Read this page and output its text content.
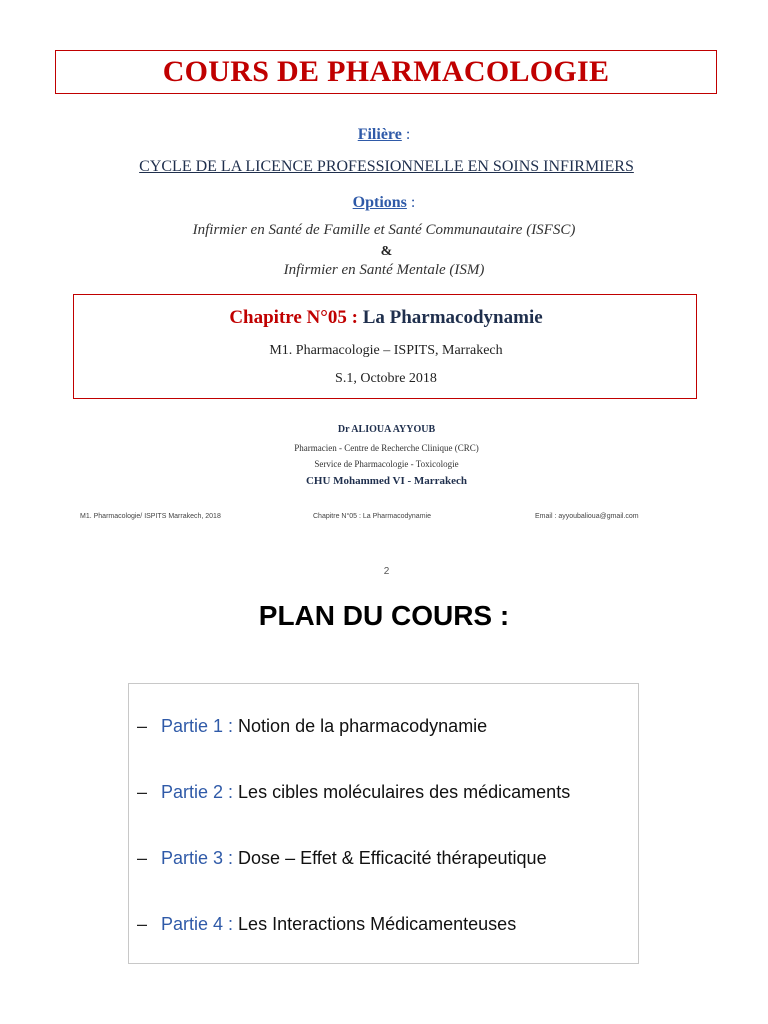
COURS DE PHARMACOLOGIE
Filière :
CYCLE DE LA LICENCE PROFESSIONNELLE EN SOINS INFIRMIERS
Options :
Infirmier en Santé de Famille et Santé Communautaire (ISFSC)
&
Infirmier en Santé Mentale (ISM)
Chapitre N°05 : La Pharmacodynamie
M1. Pharmacologie – ISPITS, Marrakech
S.1, Octobre 2018
Dr ALIOUA AYYOUB
Pharmacien - Centre de Recherche Clinique (CRC)
Service de Pharmacologie - Toxicologie
CHU Mohammed VI - Marrakech
M1. Pharmacologie/ ISPITS Marrakech, 2018	Chapitre N°05 : La Pharmacodynamie	Email : ayyoubalioua@gmail.com
2
PLAN DU COURS :
– Partie 1 : Notion de la pharmacodynamie
– Partie 2 : Les cibles moléculaires des médicaments
– Partie 3 : Dose – Effet & Efficacité thérapeutique
– Partie 4 : Les Interactions Médicamenteuses
